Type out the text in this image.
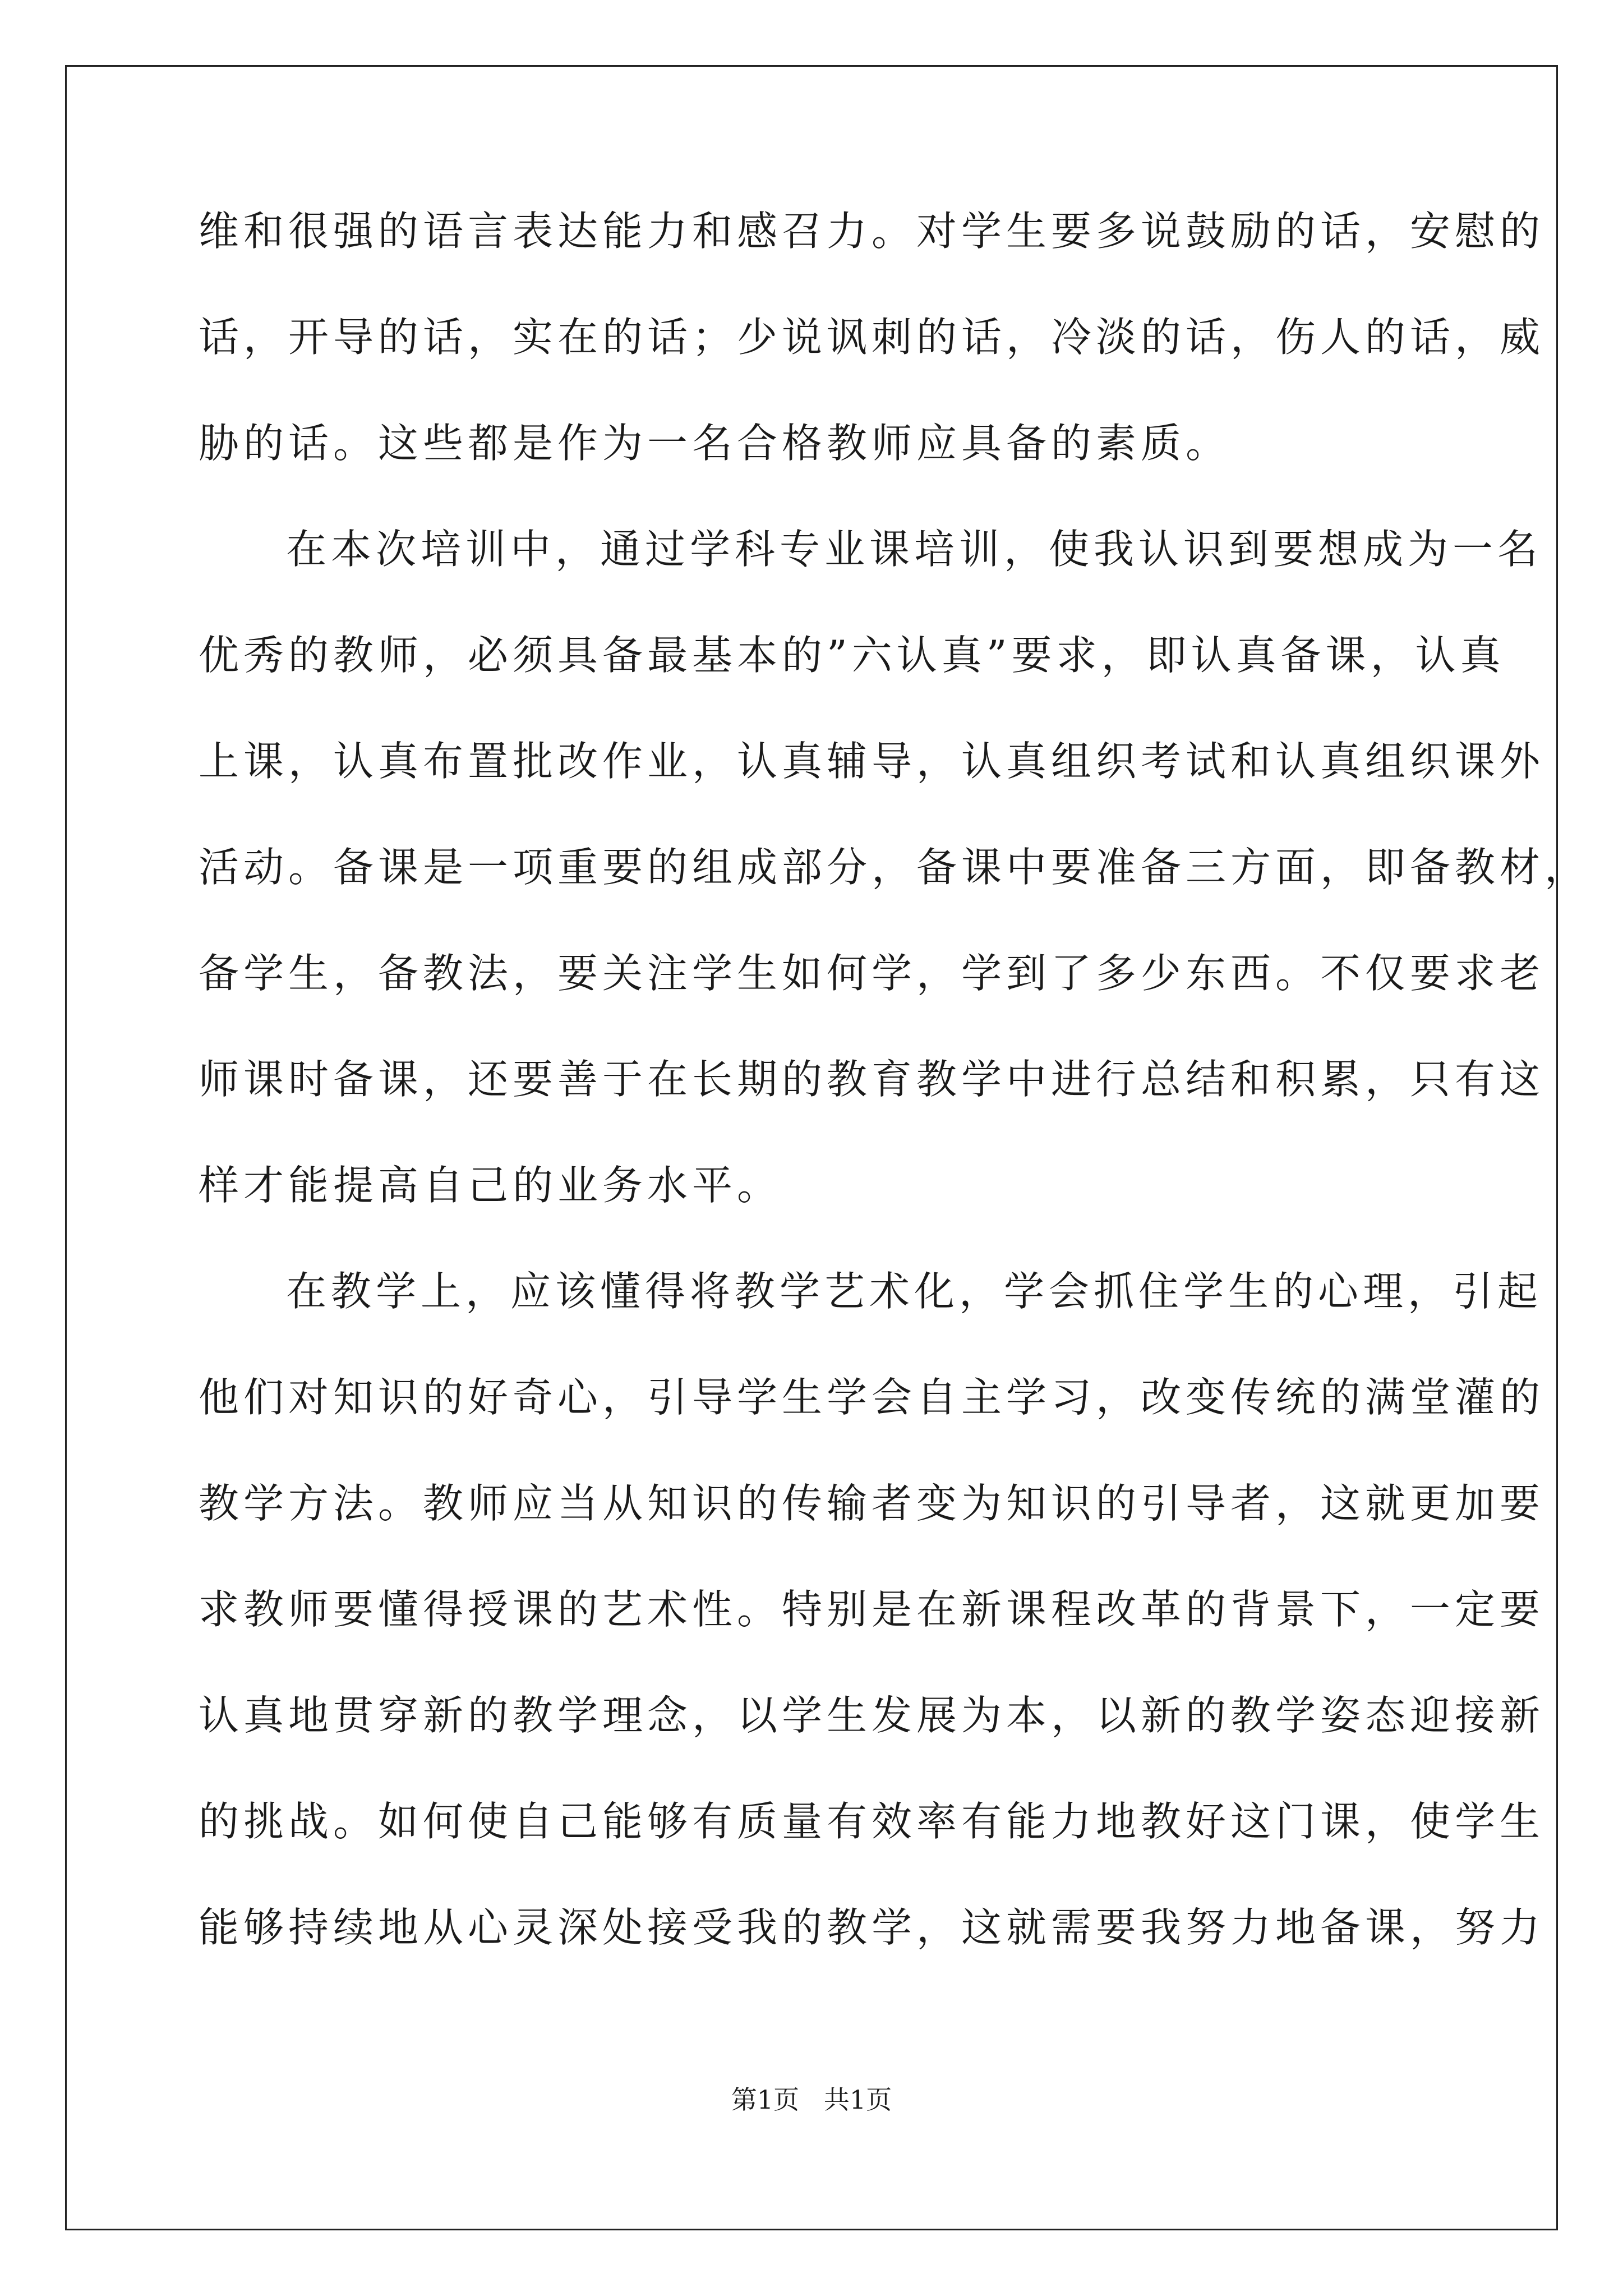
维和很强的语言表达能力和感召力。对学生要多说鼓励的话，安慰的
话，开导的话，实在的话；少说讽刺的话，冷淡的话，伤人的话，威
胁的话。这些都是作为一名合格教师应具备的素质。
在本次培训中，通过学科专业课培训，使我认识到要想成为一名
优秀的教师，必须具备最基本的”六认真”要求，即认真备课，认真
上课，认真布置批改作业，认真辅导，认真组织考试和认真组织课外
活动。备课是一项重要的组成部分，备课中要准备三方面，即备教材，
备学生，备教法，要关注学生如何学，学到了多少东西。不仅要求老
师课时备课，还要善于在长期的教育教学中进行总结和积累，只有这
样才能提高自己的业务水平。
在教学上，应该懂得将教学艺术化，学会抓住学生的心理，引起
他们对知识的好奇心，引导学生学会自主学习，改变传统的满堂灌的
教学方法。教师应当从知识的传输者变为知识的引导者，这就更加要
求教师要懂得授课的艺术性。特别是在新课程改革的背景下，一定要
认真地贯穿新的教学理念，以学生发展为本，以新的教学姿态迎接新
的挑战。如何使自己能够有质量有效率有能力地教好这门课，使学生
能够持续地从心灵深处接受我的教学，这就需要我努力地备课，努力
第1页   共1页
